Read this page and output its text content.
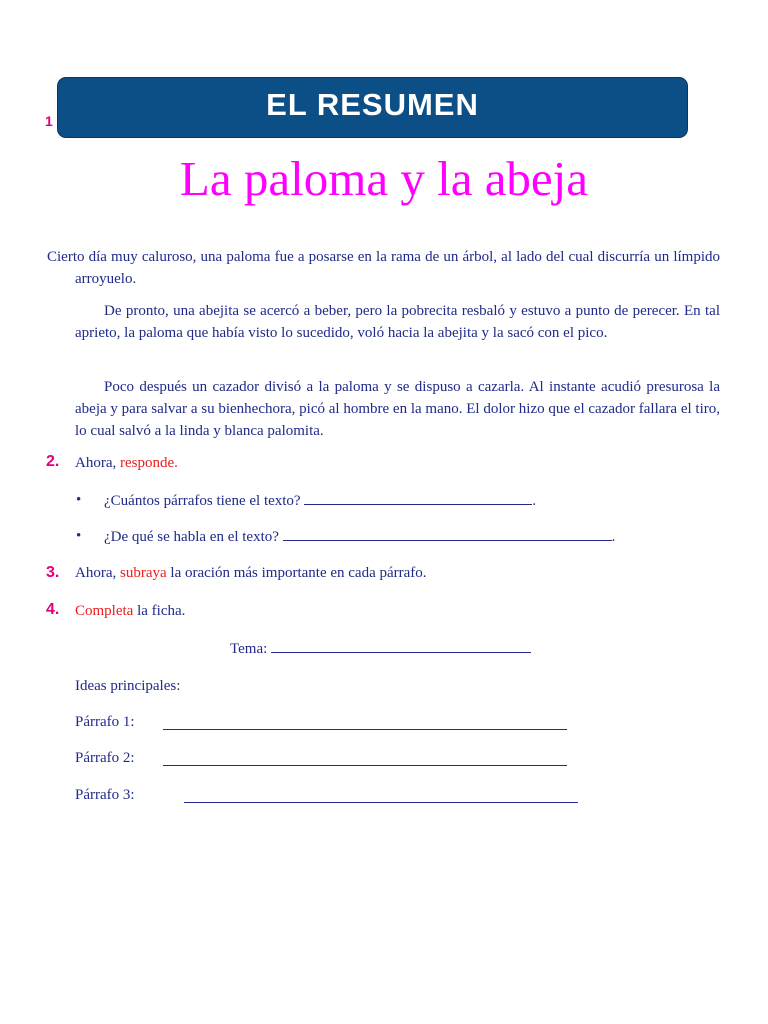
1	EL RESUMEN
La paloma y la abeja

Cierto día muy caluroso, una paloma fue a posarse en la rama de un árbol, al lado del cual discurría un límpido arroyuelo.

De pronto, una abejita se acercó a beber, pero la pobrecita resbaló y estuvo a punto de perecer. En tal aprieto, la paloma que había visto lo sucedido, voló hacia la abejita y la sacó con el pico.

Poco después un cazador divisó a la paloma y se dispuso a cazarla. Al instante acudió presurosa la abeja y para salvar a su bienhechora, picó al hombre en la mano. El dolor hizo que el cazador fallara el tiro, lo cual salvó a la linda y blanca palomita.

2. Ahora, responde.
• ¿Cuántos párrafos tiene el texto?	.
• ¿De qué se habla en el texto?	.
3. Ahora, subraya la oración más importante en cada párrafo.
4. Completa la ficha.
Tema:
Ideas principales:
Párrafo 1:
Párrafo 2:
Párrafo 3:
